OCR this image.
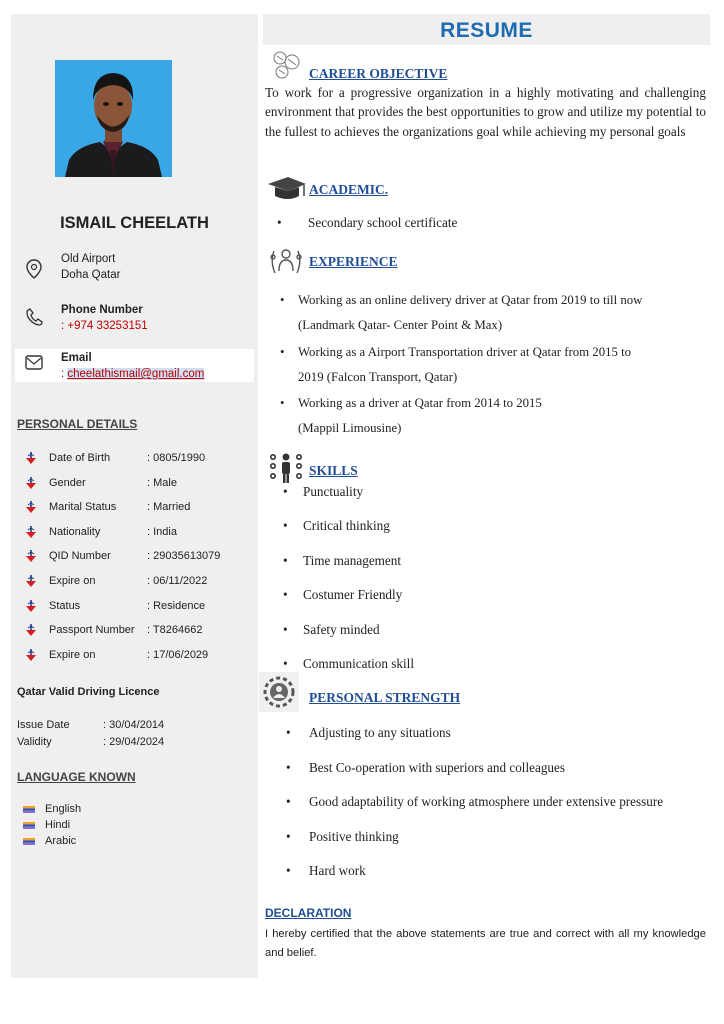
ISMAIL CHEELATH
Old Airport
Doha Qatar
Phone Number
: +974 33253151
Email
: cheelathismail@gmail.com
PERSONAL DETAILS
Date of Birth	: 0805/1990
Gender	: Male
Marital Status	: Married
Nationality	: India
QID Number	: 29035613079
Expire on	: 06/11/2022
Status	: Residence
Passport Number : T8264662
Expire on	: 17/06/2029
Qatar Valid Driving Licence
Issue Date	: 30/04/2014
Validity	: 29/04/2024
LANGUAGE KNOWN
English
Hindi
Arabic
RESUME
CAREER OBJECTIVE
To work for a progressive organization in a highly motivating and challenging environment that provides the best opportunities to grow and utilize my potential to the fullest to achieves the organizations goal while achieving my personal goals
ACADEMIC.
• Secondary school certificate
EXPERIENCE
• Working as an online delivery driver at Qatar from 2019 to till now
(Landmark Qatar- Center Point & Max)
• Working as a Airport Transportation driver at Qatar from 2015 to
2019 (Falcon Transport, Qatar)
• Working as a driver at Qatar from 2014 to 2015
(Mappil Limousine)
SKILLS
• Punctuality
• Critical thinking
• Time management
• Costumer Friendly
• Safety minded
• Communication skill
PERSONAL STRENGTH
• Adjusting to any situations
• Best Co-operation with superiors and colleagues
• Good adaptability of working atmosphere under extensive pressure
• Positive thinking
• Hard work
DECLARATION
I hereby certified that the above statements are true and correct with all my knowledge and belief.
